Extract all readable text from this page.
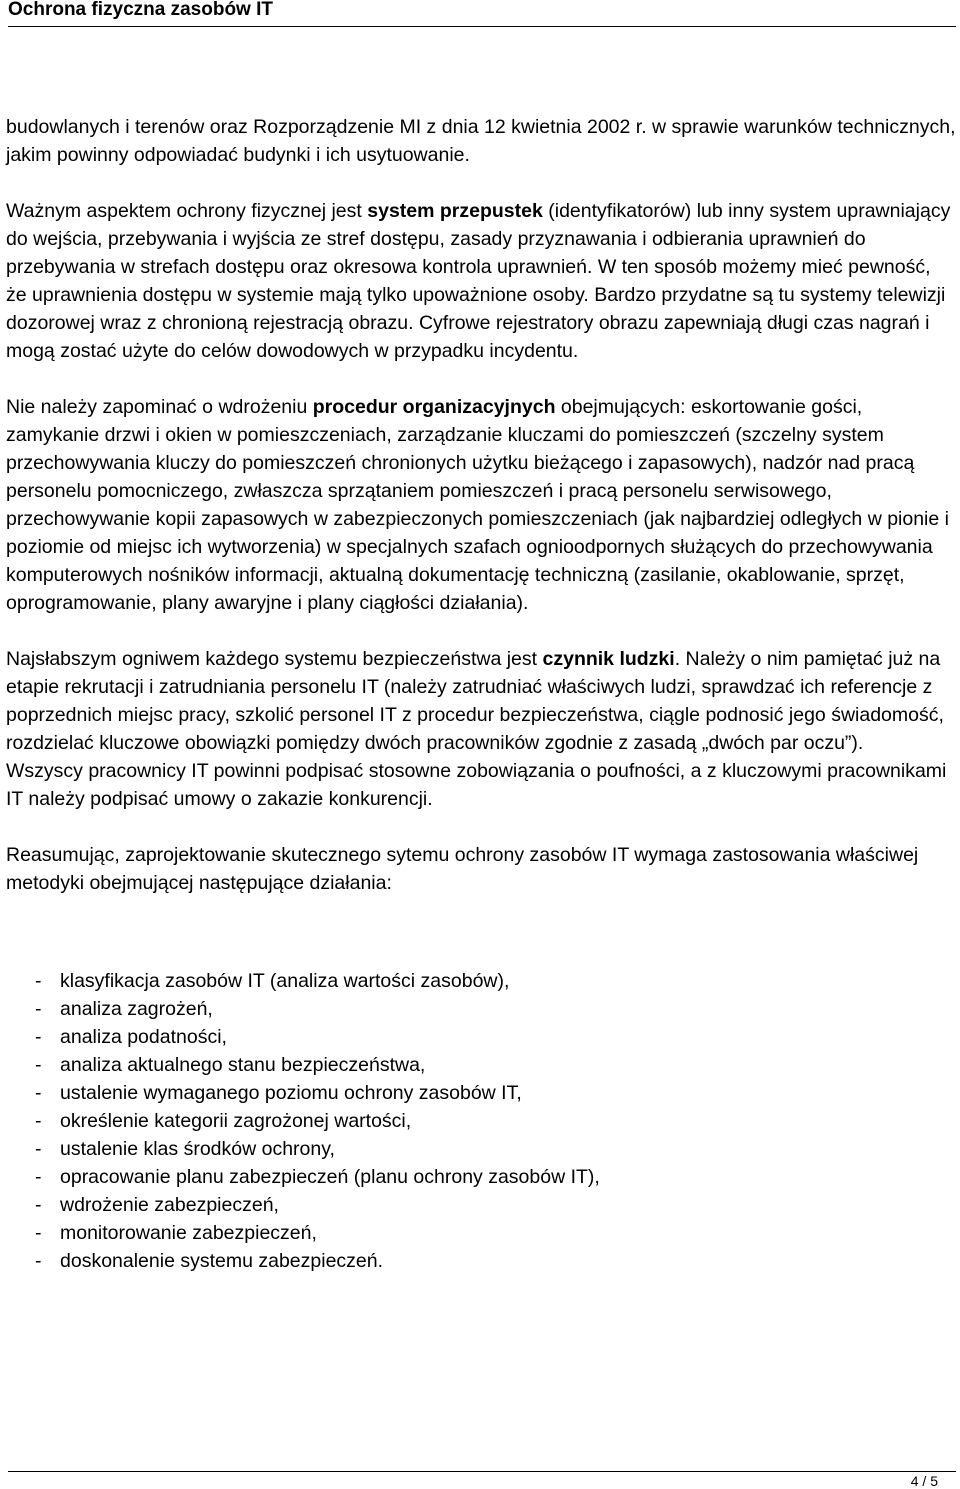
Ochrona fizyczna zasobów IT

budowlanych i terenów oraz Rozporządzenie MI z dnia 12 kwietnia 2002 r. w sprawie warunków technicznych, jakim powinny odpowiadać budynki i ich usytuowanie.

Ważnym aspektem ochrony fizycznej jest system przepustek (identyfikatorów) lub inny system uprawniający do wejścia, przebywania i wyjścia ze stref dostępu, zasady przyznawania i odbierania uprawnień do przebywania w strefach dostępu oraz okresowa kontrola uprawnień. W ten sposób możemy mieć pewność, że uprawnienia dostępu w systemie mają tylko upoważnione osoby. Bardzo przydatne są tu systemy telewizji dozorowej wraz z chronioną rejestracją obrazu. Cyfrowe rejestratory obrazu zapewniają długi czas nagrań i mogą zostać użyte do celów dowodowych w przypadku incydentu.

Nie należy zapominać o wdrożeniu procedur organizacyjnych obejmujących: eskortowanie gości, zamykanie drzwi i okien w pomieszczeniach, zarządzanie kluczami do pomieszczeń (szczelny system przechowywania kluczy do pomieszczeń chronionych użytku bieżącego i zapasowych), nadzór nad pracą personelu pomocniczego, zwłaszcza sprzątaniem pomieszczeń i pracą personelu serwisowego, przechowywanie kopii zapasowych w zabezpieczonych pomieszczeniach (jak najbardziej odległych w pionie i poziomie od miejsc ich wytworzenia) w specjalnych szafach ognioodpornych służących do przechowywania komputerowych nośników informacji, aktualną dokumentację techniczną (zasilanie, okablowanie, sprzęt, oprogramowanie, plany awaryjne i plany ciągłości działania).

Najsłabszym ogniwem każdego systemu bezpieczeństwa jest czynnik ludzki. Należy o nim pamiętać już na etapie rekrutacji i zatrudniania personelu IT (należy zatrudniać właściwych ludzi, sprawdzać ich referencje z poprzednich miejsc pracy, szkolić personel IT z procedur bezpieczeństwa, ciągle podnosić jego świadomość, rozdzielać kluczowe obowiązki pomiędzy dwóch pracowników zgodnie z zasadą „dwóch par oczu”).

Wszyscy pracownicy IT powinni podpisać stosowne zobowiązania o poufności, a z kluczowymi pracownikami IT należy podpisać umowy o zakazie konkurencji.

Reasumując, zaprojektowanie skutecznego sytemu ochrony zasobów IT wymaga zastosowania właściwej metodyki obejmującej następujące działania:

- klasyfikacja zasobów IT (analiza wartości zasobów),
- analiza zagrożeń,
- analiza podatności,
- analiza aktualnego stanu bezpieczeństwa,
- ustalenie wymaganego poziomu ochrony zasobów IT,
- określenie kategorii zagrożonej wartości,
- ustalenie klas środków ochrony,
- opracowanie planu zabezpieczeń (planu ochrony zasobów IT),
- wdrożenie zabezpieczeń,
- monitorowanie zabezpieczeń,
- doskonalenie systemu zabezpieczeń.
4 / 5
